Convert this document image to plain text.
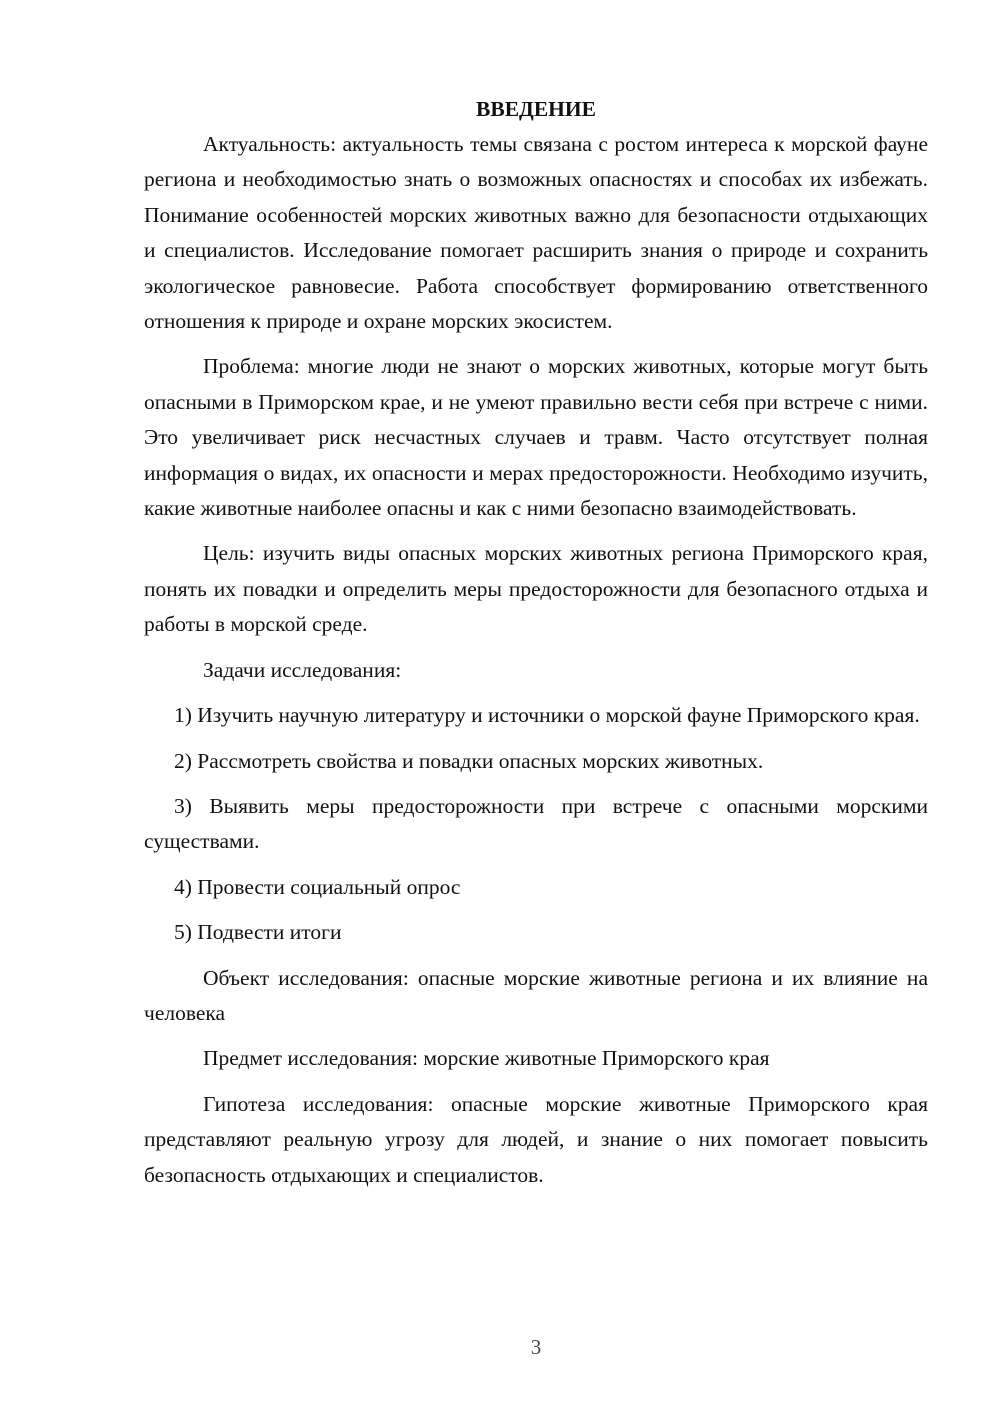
ВВЕДЕНИЕ
Актуальность: актуальность темы связана с ростом интереса к морской фауне региона и необходимостью знать о возможных опасностях и способах их избежать. Понимание особенностей морских животных важно для безопасности отдыхающих и специалистов. Исследование помогает расширить знания о природе и сохранить экологическое равновесие. Работа способствует формированию ответственного отношения к природе и охране морских экосистем.
Проблема: многие люди не знают о морских животных, которые могут быть опасными в Приморском крае, и не умеют правильно вести себя при встрече с ними. Это увеличивает риск несчастных случаев и травм. Часто отсутствует полная информация о видах, их опасности и мерах предосторожности. Необходимо изучить, какие животные наиболее опасны и как с ними безопасно взаимодействовать.
Цель: изучить виды опасных морских животных региона Приморского края, понять их повадки и определить меры предосторожности для безопасного отдыха и работы в морской среде.
Задачи исследования:
1) Изучить научную литературу и источники о морской фауне Приморского края.
2) Рассмотреть свойства и повадки опасных морских животных.
3) Выявить меры предосторожности при встрече с опасными морскими существами.
4) Провести социальный опрос
5) Подвести итоги
Объект исследования: опасные морские животные региона и их влияние на человека
Предмет исследования: морские животные Приморского края
Гипотеза исследования: опасные морские животные Приморского края представляют реальную угрозу для людей, и знание о них помогает повысить безопасность отдыхающих и специалистов.
3
